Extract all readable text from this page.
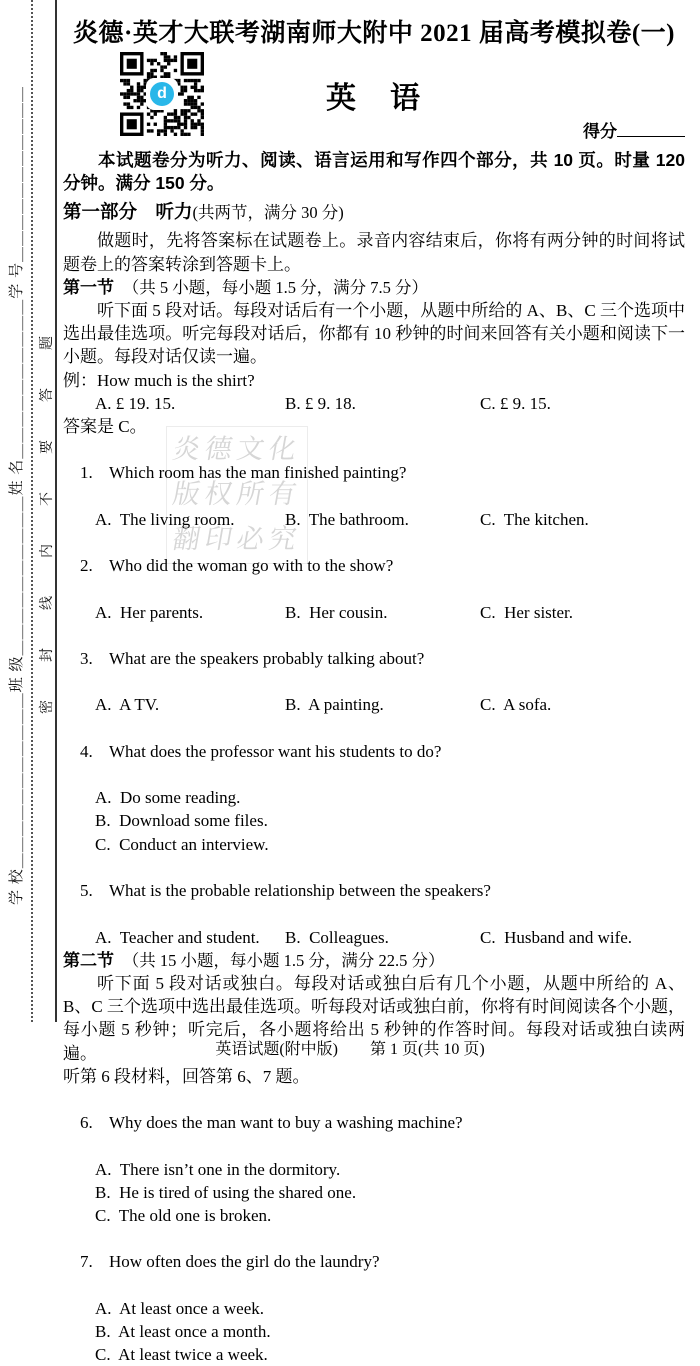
学 校＿＿＿＿＿＿＿＿＿＿＿班 级＿＿＿＿＿＿＿＿＿＿姓 名＿＿＿＿＿＿＿＿＿＿学 号＿＿＿＿＿＿＿＿＿＿＿ 密封线内不要答题	炎德文化
版权所有
翻印必究
d
炎德·英才大联考湖南师大附中 2021 届高考模拟卷(一)
英　语
得分
本试题卷分为听力、阅读、语言运用和写作四个部分，共 10 页。时量 120 分钟。满分 150 分。
第一部分　听力(共两节，满分 30 分)
做题时，先将答案标在试题卷上。录音内容结束后，你将有两分钟的时间将试题卷上的答案转涂到答题卡上。
第一节　 （共 5 小题，每小题 1.5 分，满分 7.5 分）
听下面 5 段对话。每段对话后有一个小题，从题中所给的 A、B、C 三个选项中选出最佳选项。听完每段对话后，你都有 10 秒钟的时间来回答有关小题和阅读下一小题。每段对话仅读一遍。
例：How much is the shirt?
A. £ 19. 15.	B. £ 9. 18.	C. £ 9. 15.
答案是 C。

1. Which room has the man finished painting?

A.  The living room.	B.  The bathroom.	C.  The kitchen.

2. Who did the woman go with to the show?

A.  Her parents.	B.  Her cousin.	C.  Her sister.

3. What are the speakers probably talking about?

A.  A TV.	B.  A painting.	C.  A sofa.

4. What does the professor want his students to do?

A.  Do some reading.
B.  Download some files.
C.  Conduct an interview.

5. What is the probable relationship between the speakers?

A.  Teacher and student.	B.  Colleagues.	C.  Husband and wife.
第二节　 （共 15 小题，每小题 1.5 分，满分 22.5 分）
听下面 5 段对话或独白。每段对话或独白后有几个小题，从题中所给的 A、B、C 三个选项中选出最佳选项。听每段对话或独白前，你将有时间阅读各个小题，每小题 5 秒钟；听完后，各小题将给出 5 秒钟的作答时间。每段对话或独白读两遍。
听第 6 段材料，回答第 6、7 题。

6. Why does the man want to buy a washing machine?

A.  There isn’t one in the dormitory.
B.  He is tired of using the shared one.
C.  The old one is broken.

7. How often does the girl do the laundry?

A.  At least once a week.
B.  At least once a month.
C.  At least twice a week.
英语试题(附中版)　　第 1 页(共 10 页)
